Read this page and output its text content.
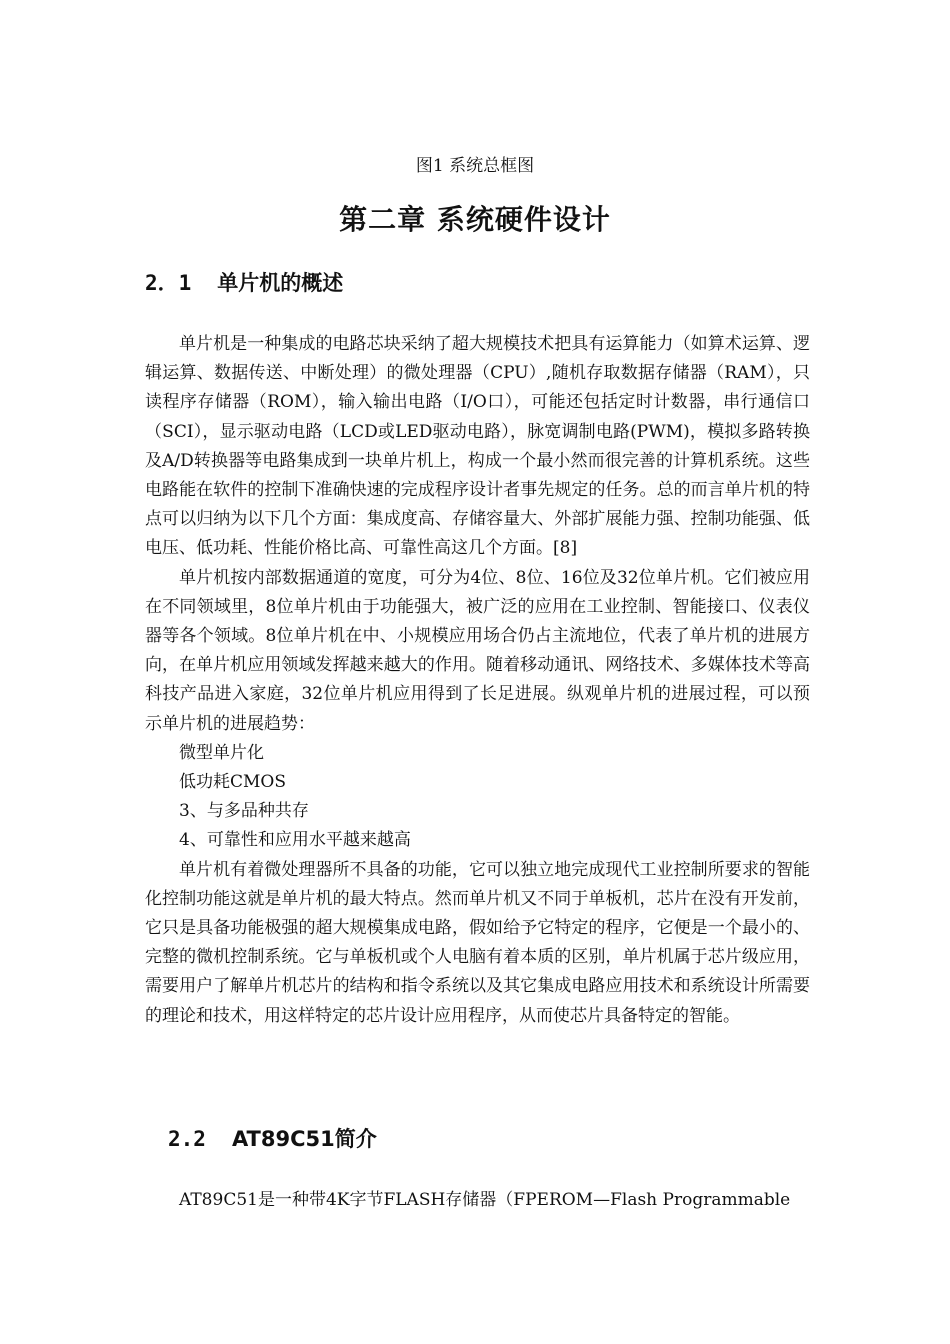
图1 系统总框图
第二章 系统硬件设计
2．1 单片机的概述

单片机是一种集成的电路芯块采纳了超大规模技术把具有运算能力（如算术运算、逻辑运算、数据传送、中断处理）的微处理器（CPU）,随机存取数据存储器（RAM），只读程序存储器（ROM），输入输出电路（I/O口），可能还包括定时计数器，串行通信口（SCI），显示驱动电路（LCD或LED驱动电路），脉宽调制电路(PWM)，模拟多路转换及A/D转换器等电路集成到一块单片机上，构成一个最小然而很完善的计算机系统。这些电路能在软件的控制下准确快速的完成程序设计者事先规定的任务。总的而言单片机的特点可以归纳为以下几个方面：集成度高、存储容量大、外部扩展能力强、控制功能强、低电压、低功耗、性能价格比高、可靠性高这几个方面。[8]

单片机按内部数据通道的宽度，可分为4位、8位、16位及32位单片机。它们被应用在不同领域里，8位单片机由于功能强大，被广泛的应用在工业控制、智能接口、仪表仪器等各个领域。8位单片机在中、小规模应用场合仍占主流地位，代表了单片机的进展方向，在单片机应用领域发挥越来越大的作用。随着移动通讯、网络技术、多媒体技术等高科技产品进入家庭，32位单片机应用得到了长足进展。纵观单片机的进展过程，可以预示单片机的进展趋势：

微型单片化

低功耗CMOS

3、与多品种共存

4、可靠性和应用水平越来越高

单片机有着微处理器所不具备的功能，它可以独立地完成现代工业控制所要求的智能化控制功能这就是单片机的最大特点。然而单片机又不同于单板机，芯片在没有开发前，它只是具备功能极强的超大规模集成电路，假如给予它特定的程序，它便是一个最小的、完整的微机控制系统。它与单板机或个人电脑有着本质的区别，单片机属于芯片级应用，需要用户了解单片机芯片的结构和指令系统以及其它集成电路应用技术和系统设计所需要的理论和技术，用这样特定的芯片设计应用程序，从而使芯片具备特定的智能。

2.2 AT89C51简介

AT89C51是一种带4K字节FLASH存储器（FPEROM—Flash Programmable
